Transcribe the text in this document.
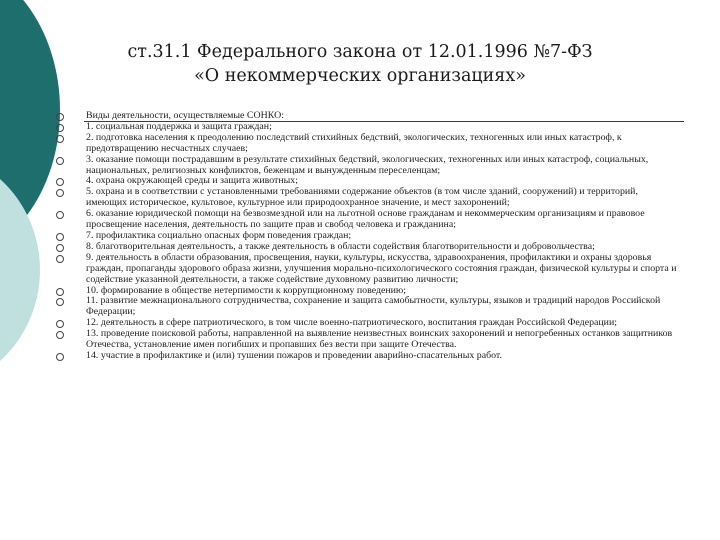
ст.31.1 Федерального закона от 12.01.1996 №7-ФЗ
«О некоммерческих организациях»
Виды деятельности, осуществляемые СОНКО:
1. социальная поддержка и защита граждан;
2. подготовка населения к преодолению последствий стихийных бедствий, экологических, техногенных или иных катастроф, к предотвращению несчастных случаев;
3. оказание помощи пострадавшим в результате стихийных бедствий, экологических, техногенных или иных катастроф, социальных, национальных, религиозных конфликтов, беженцам и вынужденным переселенцам;
4. охрана окружающей среды и защита животных;
5. охрана и в соответствии с установленными требованиями содержание объектов (в том числе зданий, сооружений) и территорий, имеющих историческое, культовое, культурное или природоохранное значение, и мест захоронений;
6. оказание юридической помощи на безвозмездной или на льготной основе гражданам и некоммерческим организациям и правовое просвещение населения, деятельность по защите прав и свобод человека и гражданина;
7. профилактика социально опасных форм поведения граждан;
8. благотворительная деятельность, а также деятельность в области содействия благотворительности и добровольчества;
9. деятельность в области образования, просвещения, науки, культуры, искусства, здравоохранения, профилактики и охраны здоровья граждан, пропаганды здорового образа жизни, улучшения морально-психологического состояния граждан, физической культуры и спорта и содействие указанной деятельности, а также содействие духовному развитию личности;
10. формирование в обществе нетерпимости к коррупционному поведению;
11. развитие межнационального сотрудничества, сохранение и защита самобытности, культуры, языков и традиций народов Российской Федерации;
12. деятельность в сфере патриотического, в том числе военно-патриотического, воспитания граждан Российской Федерации;
13. проведение поисковой работы, направленной на выявление неизвестных воинских захоронений и непогребенных останков защитников Отечества, установление имен погибших и пропавших без вести при защите Отечества.
14. участие в профилактике и (или) тушении пожаров и проведении аварийно-спасательных работ.
